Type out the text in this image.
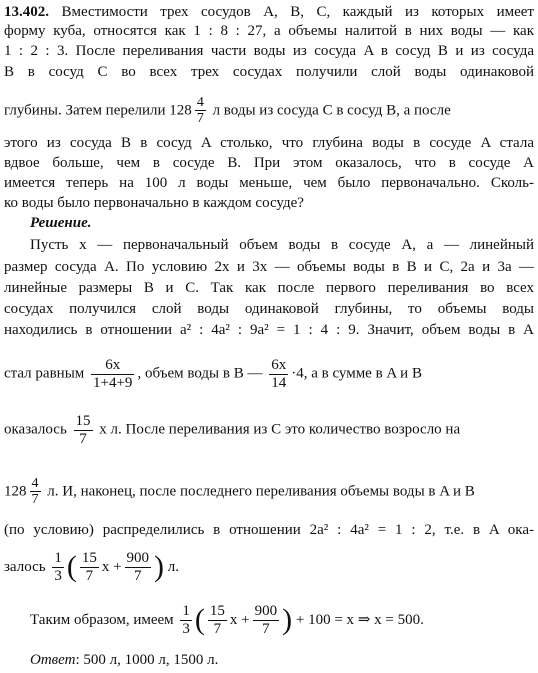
13.402. Вместимости трех сосудов A, B, C, каждый из которых имеет
форму куба, относятся как 1 : 8 : 27, а объемы налитой в них воды — как
1 : 2 : 3. После переливания части воды из сосуда A в сосуд B и из сосуда
B в сосуд C во всех трех сосудах получили слой воды одинаковой
глубины. Затем перелили $128 \frac{4}{7}$ л воды из сосуда C в сосуд B, а после
этого из сосуда B в сосуд A столько, что глубина воды в сосуде A стала
вдвое больше, чем в сосуде B. При этом оказалось, что в сосуде A
имеется теперь на 100 л воды меньше, чем было первоначально. Сколь-
ко воды было первоначально в каждом сосуде?
Решение.
Пусть x — первоначальный объем воды в сосуде A, a — линейный
размер сосуда A. По условию 2x и 3x — объемы воды в B и C, 2a и 3a —
линейные размеры B и C. Так как после первого переливания во всех
сосудах получился слой воды одинаковой глубины, то объемы воды
находились в отношении a² : 4a² : 9a² = 1 : 4 : 9. Значит, объем воды в A
стал равным $\frac{6x}{1+4+9}$ , объем воды в B — $\frac{6x}{14} \cdot 4$, а в сумме в A и B
оказалось $\frac{15}{7}$ x л. После переливания из C это количество возросло на
$128 \frac{4}{7} л$. И, наконец, после последнего переливания объемы воды в A и B
(по условию) распределились в отношении 2a² : 4a² = 1 : 2, т.е. в A ока-
залось $\frac{1}{3}$ ( $\frac{15}{7}$ $x + \frac{900}{7}$ ) л.
Таким образом, имеем $\frac{1}{3}$ ( $\frac{15}{7}$ $x + \frac{900}{7}$ ) + 100 = x ⇒ x = 500.
Ответ: 500 л, 1000 л, 1500 л.
